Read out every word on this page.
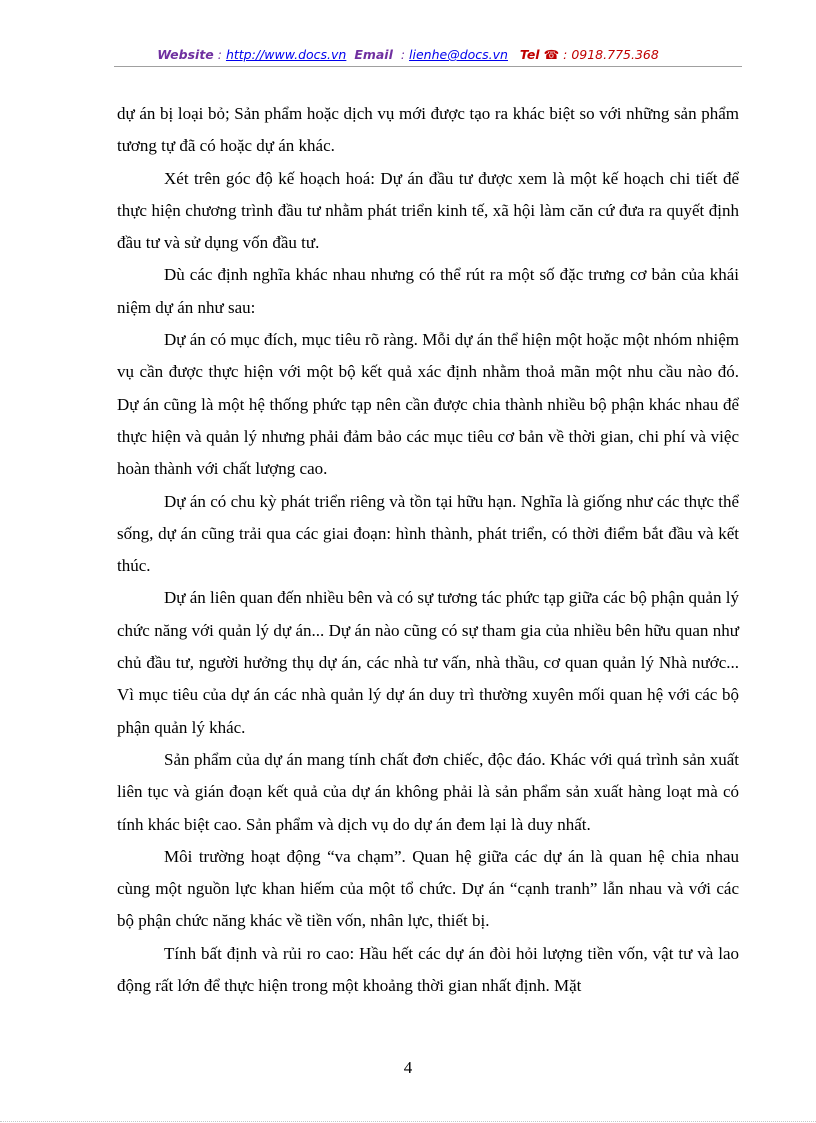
Website : http://www.docs.vn Email  : lienhe@docs.vn Tel ☎ : 0918.775.368

dự án bị loại bỏ; Sản phẩm hoặc dịch vụ mới được tạo ra khác biệt so với những sản phẩm tương tự đã có hoặc dự án khác.

Xét trên góc độ kế hoạch hoá: Dự án đầu tư được xem là một kế hoạch chi tiết để thực hiện chương trình đầu tư nhằm phát triển kinh tế, xã hội làm căn cứ đưa ra quyết định đầu tư và sử dụng vốn đầu tư.

Dù các định nghĩa khác nhau nhưng có thể rút ra một số đặc trưng cơ bản của khái niệm dự án như sau:

Dự án có mục đích, mục tiêu rõ ràng. Mỗi dự án thể hiện một hoặc một nhóm nhiệm vụ cần được thực hiện với một bộ kết quả xác định nhằm thoả mãn một nhu cầu nào đó. Dự án cũng là một hệ thống phức tạp nên cần được chia thành nhiều bộ phận khác nhau để thực hiện và quản lý nhưng phải đảm bảo các mục tiêu cơ bản về thời gian, chi phí và việc hoàn thành với chất lượng cao.

Dự án có chu kỳ phát triển riêng và tồn tại hữu hạn. Nghĩa là giống như các thực thể sống, dự án cũng trải qua các giai đoạn: hình thành, phát triển, có thời điểm bắt đầu và kết thúc.

Dự án liên quan đến nhiều bên và có sự tương tác phức tạp giữa các bộ phận quản lý chức năng với quản lý dự án... Dự án nào cũng có sự tham gia của nhiều bên hữu quan như chủ đầu tư, người hưởng thụ dự án, các nhà tư vấn, nhà thầu, cơ quan quản lý Nhà nước... Vì mục tiêu của dự án các nhà quản lý dự án duy trì thường xuyên mối quan hệ với các bộ phận quản lý khác.

Sản phẩm của dự án mang tính chất đơn chiếc, độc đáo. Khác với quá trình sản xuất liên tục và gián đoạn kết quả của dự án không phải là sản phẩm sản xuất hàng loạt mà có tính khác biệt cao. Sản phẩm và dịch vụ do dự án đem lại là duy nhất.

Môi trường hoạt động “va chạm”. Quan hệ giữa các dự án là quan hệ chia nhau cùng một nguồn lực khan hiếm của một tổ chức. Dự án “cạnh tranh” lẫn nhau và với các bộ phận chức năng khác về tiền vốn, nhân lực, thiết bị.

Tính bất định và rủi ro cao: Hầu hết các dự án đòi hỏi lượng tiền vốn, vật tư và lao động rất lớn để thực hiện trong một khoảng thời gian nhất định. Mặt

4
